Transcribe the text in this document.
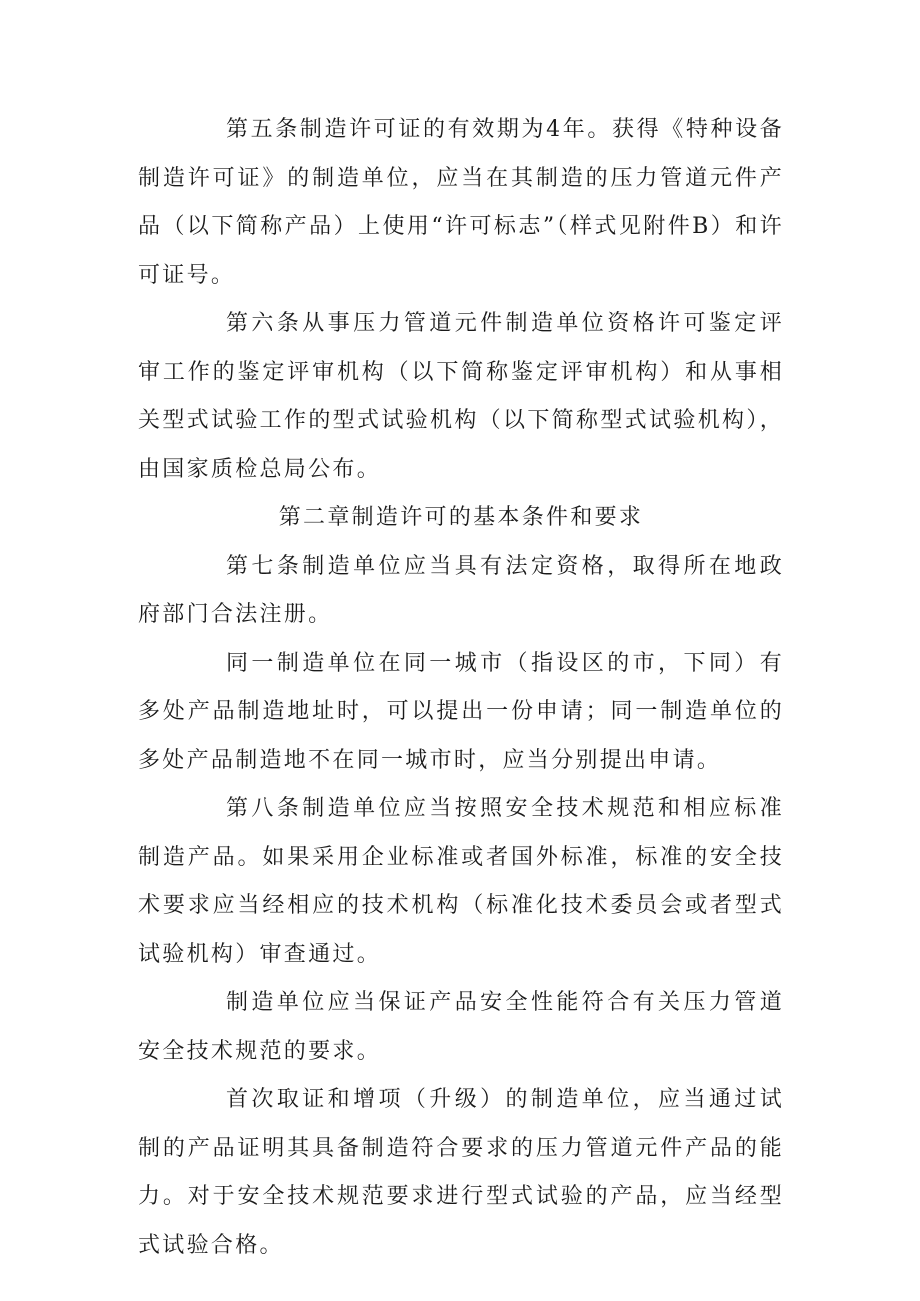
第五条制造许可证的有效期为4年。获得《特种设备制造许可证》的制造单位，应当在其制造的压力管道元件产品（以下简称产品）上使用“许可标志”（样式见附件B）和许可证号。

第六条从事压力管道元件制造单位资格许可鉴定评审工作的鉴定评审机构（以下简称鉴定评审机构）和从事相关型式试验工作的型式试验机构（以下简称型式试验机构），由国家质检总局公布。

第二章制造许可的基本条件和要求

第七条制造单位应当具有法定资格，取得所在地政府部门合法注册。

同一制造单位在同一城市（指设区的市，下同）有多处产品制造地址时，可以提出一份申请；同一制造单位的多处产品制造地不在同一城市时，应当分别提出申请。

第八条制造单位应当按照安全技术规范和相应标准制造产品。如果采用企业标准或者国外标准，标准的安全技术要求应当经相应的技术机构（标准化技术委员会或者型式试验机构）审查通过。

制造单位应当保证产品安全性能符合有关压力管道安全技术规范的要求。

首次取证和增项（升级）的制造单位，应当通过试制的产品证明其具备制造符合要求的压力管道元件产品的能力。对于安全技术规范要求进行型式试验的产品，应当经型式试验合格。
